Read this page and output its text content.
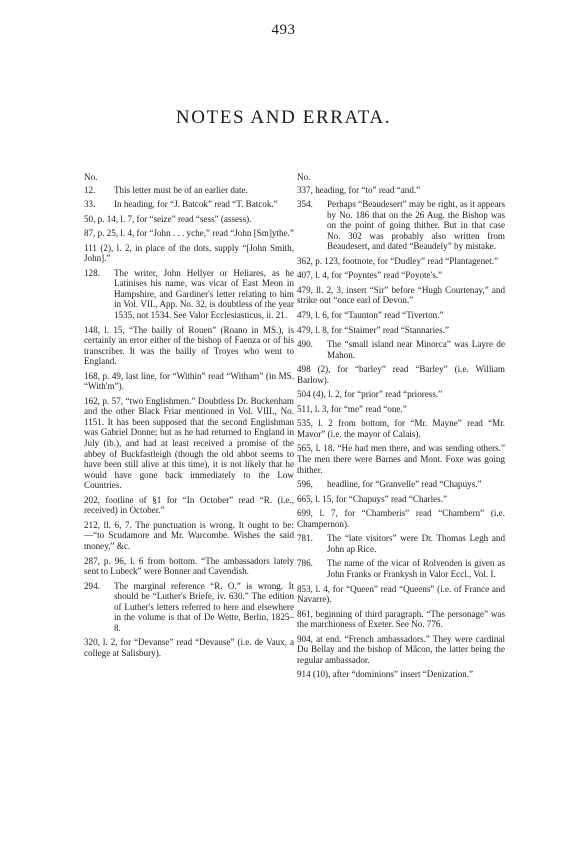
493
NOTES AND ERRATA.
No.
12.	This letter must be of an earlier date.
33.	In heading, for “J. Batcok” read “T. Batcok.”
50, p. 14, l. 7, for “seize” read “sess” (assess).
87, p. 25, l. 4, for “John . . . yche,” read “John [Sm]ythe.”
111 (2), l. 2, in place of the dots, supply “[John Smith, John].”
128.	The writer, John Hellyer or Heliares, as he Latinises his name, was vicar of East Meon in Hampshire, and Gardiner's letter relating to him in Vol. VII., App. No. 32, is doubtless of the year 1535, not 1534. See Valor Ecclesiasticus, ii. 21.
148, l. 15, “The bailly of Rouen” (Roano in MS.), is certainly an error either of the bishop of Faenza or of his transcriber. It was the bailly of Troyes who went to England.
168, p. 49, last line, for “Within” read “Witham” (in MS. “With'm”).
162, p. 57, “two Englishmen.” Doubtless Dr. Buckenham and the other Black Friar mentioned in Vol. VIII., No. 1151. It has been supposed that the second Englishman was Gabriel Donne; but as he had returned to England in July (ib.), and had at least received a promise of the abbey of Buckfastleigh (though the old abbot seems to have been still alive at this time), it is not likely that he would have gone back immediately to the Low Countries.
202, footline of §1 for “In October” read “R. (i.e., received) in October.”
212, ll. 6, 7. The punctuation is wrong. It ought to be:—“to Scudamore and Mr. Warcombe. Wishes the said money,” &c.
287, p. 96, l. 6 from bottom. “The ambassadors lately sent to Lubeck” were Bonner and Cavendish.
294.	The marginal reference “R. O.” is wrong. It should be “Luther's Briefe, iv. 630.” The edition of Luther's letters referred to here and elsewhere in the volume is that of De Wette, Berlin, 1825–8.
320, l. 2, for “Devanse” read “Devause” (i.e. de Vaux, a college at Salisbury).
No.
337, heading, for “to” read “and.”
354.	Perhaps “Beaudesert” may be right, as it appears by No. 186 that on the 26 Aug. the Bishop was on the point of going thither. But in that case No. 302 was probably also written from Beaudesert, and dated “Beaudely” by mistake.
362, p. 123, footnote, for “Dudley” read “Plantagenet.”
407, l. 4, for “Poyntes” read “Poyote's.”
479, ll. 2, 3, insert “Sir” before “Hugh Courtenay,” and strike out “once earl of Devon.”
479, l. 6, for “Taunton” read “Tiverton.”
479, l. 8, for “Staimer” read “Stannaries.”
490.	The “small island near Minorca” was Layre de Mahon.
498 (2), for “barley” read “Barley” (i.e. William Barlow).
504 (4), l. 2, for “prior” read “prioress.”
511, l. 3, for “me” read “one.”
535, l. 2 from bottom, for “Mr. Mayne” read “Mr. Mavor” (i.e. the mayor of Calais).
565, l. 18. “He had men there, and was sending others.” The men there were Barnes and Mont. Foxe was going thither.
596,	headline, for “Granvelle” read “Chapuys.”
665, l. 15, for “Chapuys” read “Charles.”
699, l. 7, for “Chamberis” read “Chambern” (i.e. Champernon).
781.	The “late visitors” were Dr. Thomas Legh and John ap Rice.
786.	The name of the vicar of Rolvenden is given as John Franks or Frankysh in Valor Eccl., Vol. I.
853, l. 4, for “Queen” read “Queens” (i.e. of France and Navarre).
861, beginning of third paragraph. “The personage” was the marchioness of Exeter. See No. 776.
904, at end. “French ambassadors.” They were cardinal Du Bellay and the bishop of Mâcon, the latter being the regular ambassador.
914 (10), after “dominions” insert “Denization.”
